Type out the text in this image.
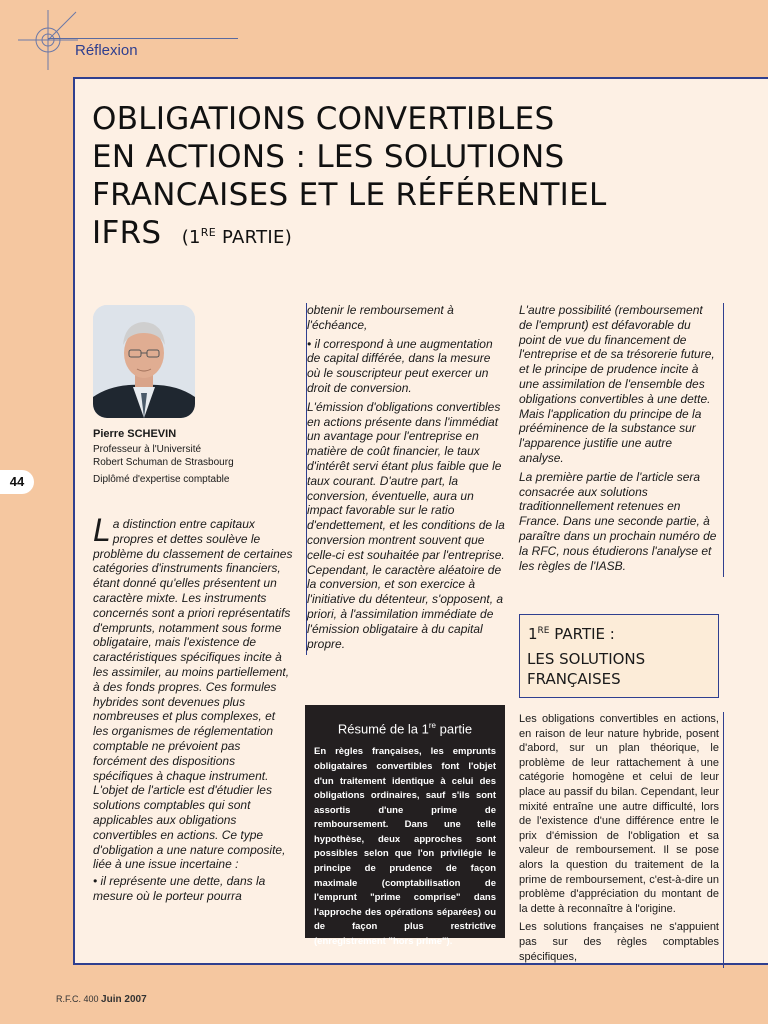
Réflexion
44
OBLIGATIONS CONVERTIBLES
EN ACTIONS : LES SOLUTIONS
FRANCAISES ET LE RÉFÉRENTIEL
IFRS (1RE PARTIE)
Pierre SCHEVIN
Professeur à l'Université
Robert Schuman de Strasbourg
Diplômé d'expertise comptable

La distinction entre capitaux propres et dettes soulève le problème du classement de certaines catégories d'instruments financiers, étant donné qu'elles présentent un caractère mixte. Les instruments concernés sont a priori représentatifs d'emprunts, notamment sous forme obligataire, mais l'existence de caractéristiques spécifiques incite à les assimiler, au moins partiellement, à des fonds propres. Ces formules hybrides sont devenues plus nombreuses et plus complexes, et les organismes de réglementation comptable ne prévoient pas forcément des dispositions spécifiques à chaque instrument. L'objet de l'article est d'étudier les solutions comptables qui sont applicables aux obligations convertibles en actions. Ce type d'obligation a une nature composite, liée à une issue incertaine :

• il représente une dette, dans la mesure où le porteur pourra

obtenir le remboursement à l'échéance,

• il correspond à une augmentation de capital différée, dans la mesure où le souscripteur peut exercer un droit de conversion.

L'émission d'obligations convertibles en actions présente dans l'immédiat un avantage pour l'entreprise en matière de coût financier, le taux d'intérêt servi étant plus faible que le taux courant. D'autre part, la conversion, éventuelle, aura un impact favorable sur le ratio d'endettement, et les conditions de la conversion montrent souvent que celle-ci est souhaitée par l'entreprise. Cependant, le caractère aléatoire de la conversion, et son exercice à l'initiative du détenteur, s'opposent, a priori, à l'assimilation immédiate de l'émission obligataire à du capital propre.

L'autre possibilité (remboursement de l'emprunt) est défavorable du point de vue du financement de l'entreprise et de sa trésorerie future, et le principe de prudence incite à une assimilation de l'ensemble des obligations convertibles à une dette. Mais l'application du principe de la prééminence de la substance sur l'apparence justifie une autre analyse.

La première partie de l'article sera consacrée aux solutions traditionnellement retenues en France. Dans une seconde partie, à paraître dans un prochain numéro de la RFC, nous étudierons l'analyse et les règles de l'IASB.

Résumé de la 1re partie
En règles françaises, les emprunts obligataires convertibles font l'objet d'un traitement identique à celui des obligations ordinaires, sauf s'ils sont assortis d'une prime de remboursement. Dans une telle hypothèse, deux approches sont possibles selon que l'on privilégie le principe de prudence de façon maximale (comptabilisation de l'emprunt "prime comprise" dans l'approche des opérations séparées) ou de façon plus restrictive (enregistrement "hors prime").
1RE PARTIE :
LES SOLUTIONS FRANÇAISES

Les obligations convertibles en actions, en raison de leur nature hybride, posent d'abord, sur un plan théorique, le problème de leur rattachement à une catégorie homogène et celui de leur place au passif du bilan. Cependant, leur mixité entraîne une autre difficulté, lors de l'existence d'une différence entre le prix d'émission de l'obligation et sa valeur de remboursement. Il se pose alors la question du traitement de la prime de remboursement, c'est-à-dire un problème d'appréciation du montant de la dette à reconnaître à l'origine.

Les solutions françaises ne s'appuient pas sur des règles comptables spécifiques,

R.F.C. 400 Juin 2007
